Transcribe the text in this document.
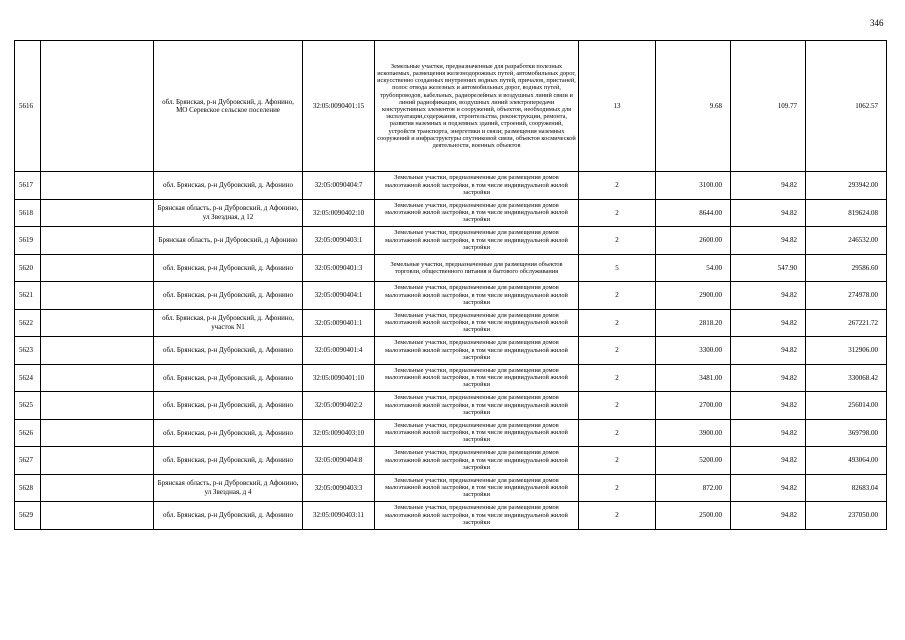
346
5616		обл. Брянская, р-н Дубровский, д. Афонино, МО Серевское сельское поселение	32:05:0090401:15	Земельные участки, предназначенные для разработки полезных ископаемых, размещения железнодорожных путей, автомобильных дорог, искусственно созданных внутренних водных путей, причалов, пристаней, полос отвода железных и автомобильных дорог, водных путей, трубопроводов, кабельных, радиорелейных и воздушных линий связи и линий радиофикации, воздушных линий электропередачи конструктивных элементов и сооружений, объектов, необходимых для эксплуатации,содержания, строительства, реконструкции, ремонта, развития наземных и подземных зданий, строений, сооружений, устройств транспорта, энергетики и связи; размещения наземных сооружений и инфраструктуры спутниковой связи, объектов космической деятельности, военных объектов	13	9.68	109.77	1062.57
5617		обл. Брянская, р-н Дубровский, д. Афонино	32:05:0090404:7	Земельные участки, предназначенные для размещения домов малоэтажной жилой застройки, в том числе индивидуальной жилой застройки	2	3100.00	94.82	293942.00
5618		Брянская область, р-н Дубровский, д Афонино, ул Звездная, д 12	32:05:0090402:10	Земельные участки, предназначенные для размещения домов малоэтажной жилой застройки, в том числе индивидуальной жилой застройки	2	8644.00	94.82	819624.08
5619		Брянская область, р-н Дубровский, д Афонино	32:05:0090403:1	Земельные участки, предназначенные для размещения домов малоэтажной жилой застройки, в том числе индивидуальной жилой застройки	2	2600.00	94.82	246532.00
5620		обл. Брянская, р-н Дубровский, д. Афонино	32:05:0090401:3	Земельные участки, предназначенные для размещения объектов торговли, общественного питания и бытового обслуживания	5	54.00	547.90	29586.60
5621		обл. Брянская, р-н Дубровский, д. Афонино	32:05:0090404:1	Земельные участки, предназначенные для размещения домов малоэтажной жилой застройки, в том числе индивидуальной жилой застройки	2	2900.00	94.82	274978.00
5622		обл. Брянская, р-н Дубровский, д. Афонино, участок N1	32:05:0090401:1	Земельные участки, предназначенные для размещения домов малоэтажной жилой застройки, в том числе индивидуальной жилой застройки	2	2818.20	94.82	267221.72
5623		обл. Брянская, р-н Дубровский, д. Афонино	32:05:0090401:4	Земельные участки, предназначенные для размещения домов малоэтажной жилой застройки, в том числе индивидуальной жилой застройки	2	3300.00	94.82	312906.00
5624		обл. Брянская, р-н Дубровский, д. Афонино	32:05:0090401:10	Земельные участки, предназначенные для размещения домов малоэтажной жилой застройки, в том числе индивидуальной жилой застройки	2	3481.00	94.82	330068.42
5625		обл. Брянская, р-н Дубровский, д. Афонино	32:05:0090402:2	Земельные участки, предназначенные для размещения домов малоэтажной жилой застройки, в том числе индивидуальной жилой застройки	2	2700.00	94.82	256014.00
5626		обл. Брянская, р-н Дубровский, д. Афонино	32:05:0090403:10	Земельные участки, предназначенные для размещения домов малоэтажной жилой застройки, в том числе индивидуальной жилой застройки	2	3900.00	94.82	369798.00
5627		обл. Брянская, р-н Дубровский, д. Афонино	32:05:0090404:8	Земельные участки, предназначенные для размещения домов малоэтажной жилой застройки, в том числе индивидуальной жилой застройки	2	5200.00	94.82	493064.00
5628		Брянская область, р-н Дубровский, д Афонино, ул Звездная, д 4	32:05:0090403:3	Земельные участки, предназначенные для размещения домов малоэтажной жилой застройки, в том числе индивидуальной жилой застройки	2	872.00	94.82	82683.04
5629		обл. Брянская, р-н Дубровский, д. Афонино	32:05:0090403:11	Земельные участки, предназначенные для размещения домов малоэтажной жилой застройки, в том числе индивидуальной жилой застройки	2	2500.00	94.82	237050.00
